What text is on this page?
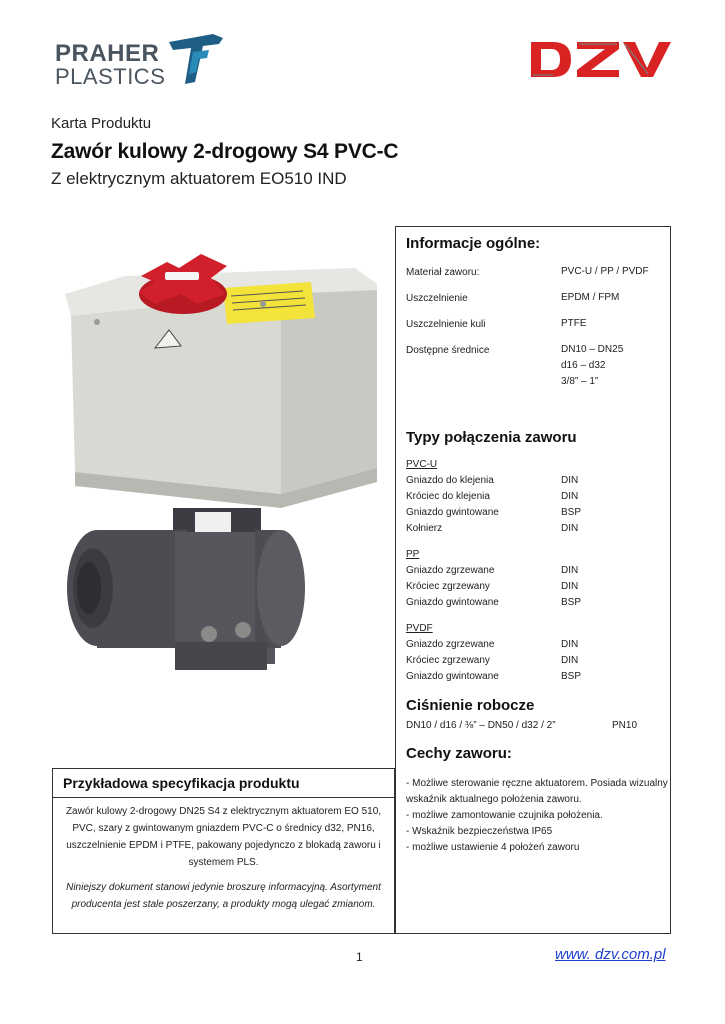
PRAHER
PLASTICS
Karta Produktu
Zawór kulowy 2-drogowy S4 PVC-C
Z elektrycznym aktuatorem EO510 IND
Informacje ogólne:
Materiał zaworu:	PVC-U / PP / PVDF
Uszczelnienie	EPDM / FPM
Uszczelnienie kuli	PTFE
Dostępne średnice	DN10 – DN25
d16 – d32
3/8” – 1”
Typy połączenia zaworu
PVC-U
Gniazdo do klejenia	DIN
Króciec do klejenia	DIN
Gniazdo gwintowane	BSP
Kołnierz	DIN
PP
Gniazdo zgrzewane	DIN
Króciec zgrzewany	DIN
Gniazdo gwintowane	BSP
PVDF
Gniazdo zgrzewane	DIN
Króciec zgrzewany	DIN
Gniazdo gwintowane	BSP
Ciśnienie robocze
DN10 / d16 / ⅜” – DN50 / d32 / 2”	PN10
Cechy zaworu:
- Możliwe sterowanie ręczne aktuatorem. Posiada wizualny wskaźnik aktualnego położenia zaworu.
- możliwe zamontowanie czujnika położenia.
- Wskaźnik bezpieczeństwa IP65
- możliwe ustawienie 4 położeń zaworu
Przykładowa specyfikacja produktu
Zawór kulowy 2-drogowy DN25 S4 z elektrycznym aktuatorem EO 510, PVC, szary z gwintowanym gniazdem PVC-C o średnicy d32, PN16, uszczelnienie EPDM i PTFE, pakowany pojedynczo z blokadą zaworu i systemem PLS.
Niniejszy dokument stanowi jedynie broszurę informacyjną. Asortyment producenta jest stale poszerzany, a produkty mogą ulegać zmianom.
1	www. dzv.com.pl
